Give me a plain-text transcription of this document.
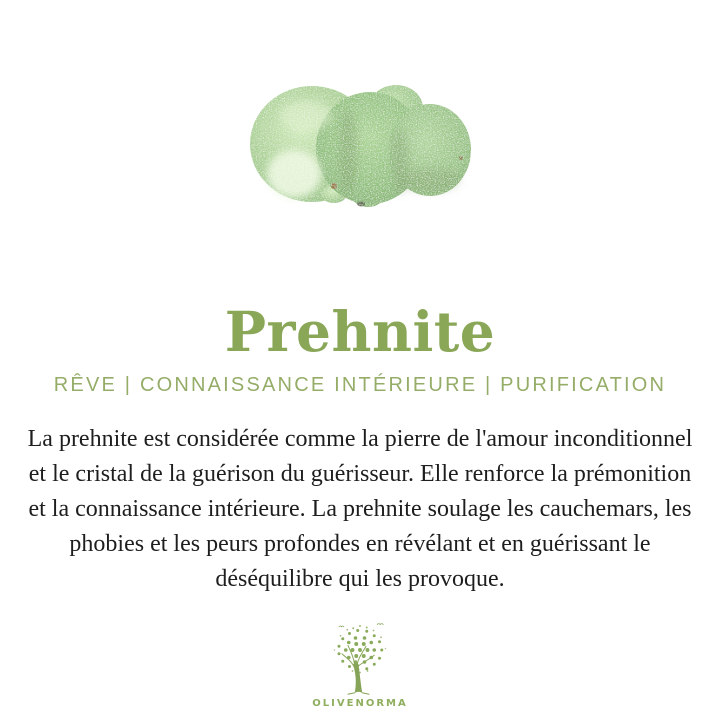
Prehnite
RÊVE | CONNAISSANCE INTÉRIEURE | PURIFICATION

La prehnite est considérée comme la pierre de l'amour inconditionnel et le cristal de la guérison du guérisseur. Elle renforce la prémonition et la connaissance intérieure. La prehnite soulage les cauchemars, les phobies et les peurs profondes en révélant et en guérissant le déséquilibre qui les provoque.

OLIVENORMA
